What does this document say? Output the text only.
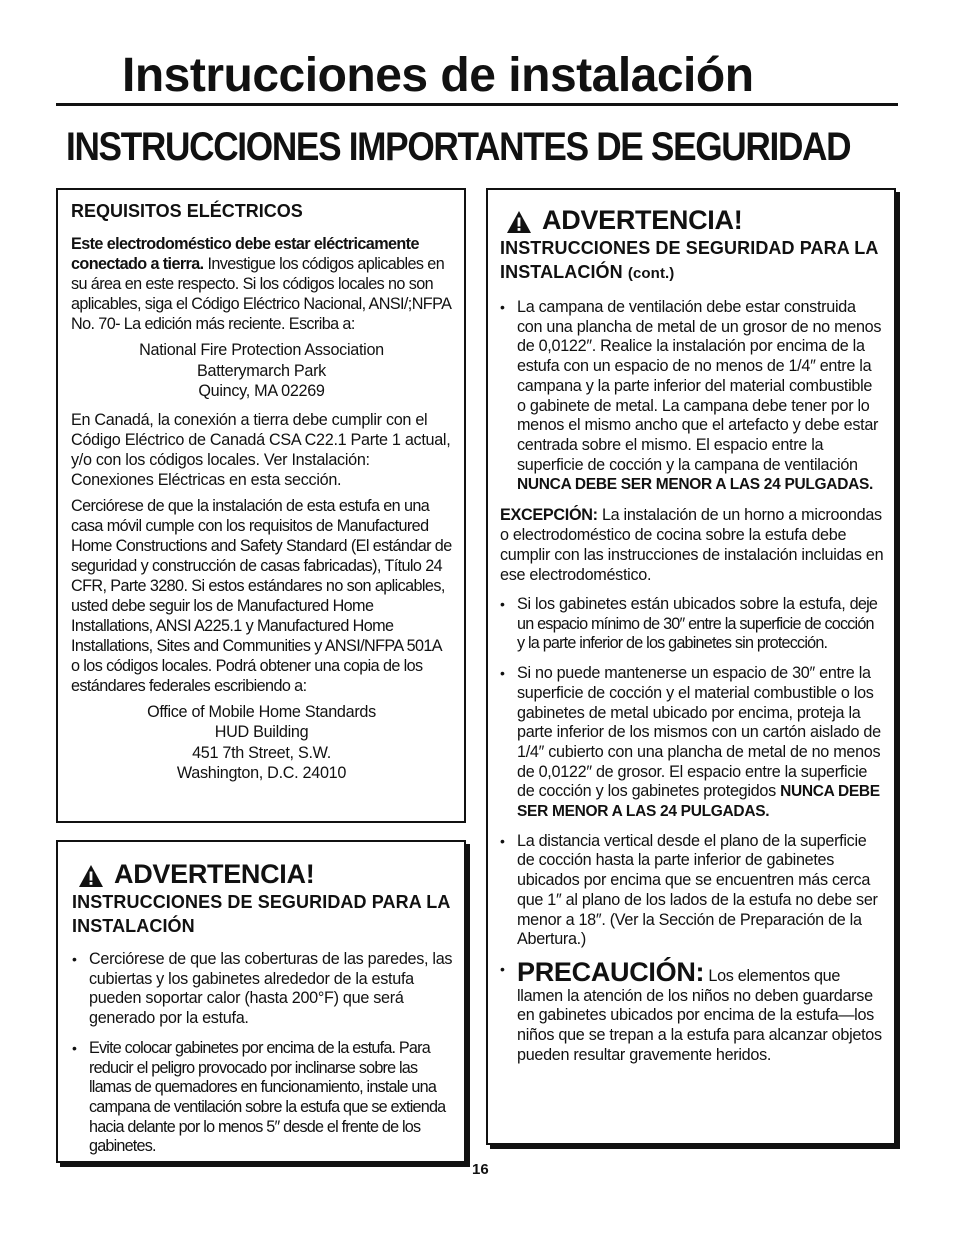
Instrucciones de instalación
INSTRUCCIONES IMPORTANTES DE SEGURIDAD
REQUISITOS ELÉCTRICOS

Este electrodoméstico debe estar eléctricamente conectado a tierra. Investigue los códigos aplicables en su área en este respecto. Si los códigos locales no son aplicables, siga el Código Eléctrico Nacional, ANSI/;NFPA No. 70- La edición más reciente. Escriba a:

National Fire Protection Association
Batterymarch Park
Quincy, MA 02269

En Canadá, la conexión a tierra debe cumplir con el Código Eléctrico de Canadá CSA C22.1 Parte 1 actual, y/o con los códigos locales. Ver Instalación: Conexiones Eléctricas en esta sección.

Cerciórese de que la instalación de esta estufa en una casa móvil cumple con los requisitos de Manufactured Home Constructions and Safety Standard (El estándar de seguridad y construcción de casas fabricadas), Título 24 CFR, Parte 3280. Si estos estándares no son aplicables, usted debe seguir los de Manufactured Home Installations, ANSI A225.1 y Manufactured Home Installations, Sites and Communities y ANSI/NFPA 501A o los códigos locales. Podrá obtener una copia de los estándares federales escribiendo a:

Office of Mobile Home Standards
HUD Building
451 7th Street, S.W.
Washington, D.C. 24010
ADVERTENCIA!
INSTRUCCIONES DE SEGURIDAD PARA LA INSTALACIÓN
• Cerciórese de que las coberturas de las paredes, las cubiertas y los gabinetes alrededor de la estufa pueden soportar calor (hasta 200°F) que será generado por la estufa.
• Evite colocar gabinetes por encima de la estufa. Para reducir el peligro provocado por inclinarse sobre las llamas de quemadores en funcionamiento, instale una campana de ventilación sobre la estufa que se extienda hacia delante por lo menos 5″ desde el frente de los gabinetes.
ADVERTENCIA!
INSTRUCCIONES DE SEGURIDAD PARA LA INSTALACIÓN (cont.)
• La campana de ventilación debe estar construida con una plancha de metal de un grosor de no menos de 0,0122″. Realice la instalación por encima de la estufa con un espacio de no menos de 1/4″ entre la campana y la parte inferior del material combustible o gabinete de metal. La campana debe tener por lo menos el mismo ancho que el artefacto y debe estar centrada sobre el mismo. El espacio entre la superficie de cocción y la campana de ventilación NUNCA DEBE SER MENOR A LAS 24 PULGADAS.

EXCEPCIÓN: La instalación de un horno a microondas o electrodoméstico de cocina sobre la estufa debe cumplir con las instrucciones de instalación incluidas en ese electrodoméstico.

• Si los gabinetes están ubicados sobre la estufa, deje un espacio mínimo de 30″ entre la superficie de cocción y la parte inferior de los gabinetes sin protección.
• Si no puede mantenerse un espacio de 30″ entre la superficie de cocción y el material combustible o los gabinetes de metal ubicado por encima, proteja la parte inferior de los mismos con un cartón aislado de 1/4″ cubierto con una plancha de metal de no menos de 0,0122″ de grosor. El espacio entre la superficie de cocción y los gabinetes protegidos NUNCA DEBE SER MENOR A LAS 24 PULGADAS.
• La distancia vertical desde el plano de la superficie de cocción hasta la parte inferior de gabinetes ubicados por encima que se encuentren más cerca que 1″ al plano de los lados de la estufa no debe ser menor a 18″. (Ver la Sección de Preparación de la Abertura.)
• PRECAUCIÓN: Los elementos que llamen la atención de los niños no deben guardarse en gabinetes ubicados por encima de la estufa—los niños que se trepan a la estufa para alcanzar objetos pueden resultar gravemente heridos.

16
